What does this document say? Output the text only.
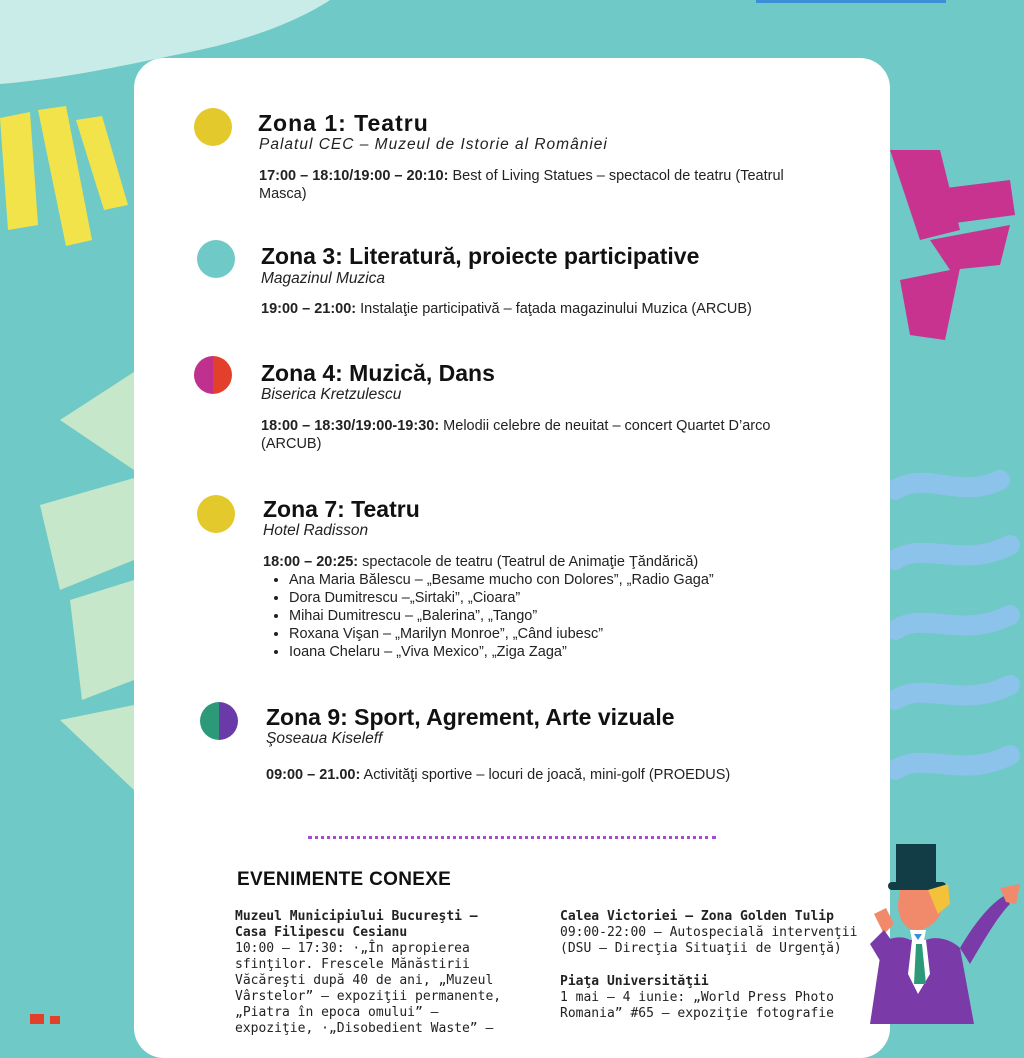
Zona 1: Teatru
Palatul CEC – Muzeul de Istorie al României
17:00 – 18:10/19:00 – 20:10: Best of Living Statues – spectacol de teatru (Teatrul Masca)
Zona 3: Literatură, proiecte participative
Magazinul Muzica
19:00 – 21:00: Instalaţie participativă – faţada magazinului Muzica (ARCUB)
Zona 4: Muzică, Dans
Biserica Kretzulescu
18:00 – 18:30/19:00-19:30: Melodii celebre de neuitat – concert Quartet D’arco (ARCUB)
Zona 7: Teatru
Hotel Radisson
18:00 – 20:25: spectacole de teatru (Teatrul de Animaţie Ţăndărică)
• Ana Maria Bălescu – „Besame mucho con Dolores”, „Radio Gaga”
• Dora Dumitrescu –„Sirtaki”, „Cioara”
• Mihai Dumitrescu – „Balerina”, „Tango”
• Roxana Vişan – „Marilyn Monroe”, „Când iubesc”
• Ioana Chelaru – „Viva Mexico”, „Ziga Zaga”
Zona 9: Sport, Agrement, Arte vizuale
Şoseaua Kiseleff
09:00 – 21.00: Activităţi sportive – locuri de joacă, mini-golf (PROEDUS)
EVENIMENTE CONEXE
Muzeul Municipiului Bucureşti – Casa Filipescu Cesianu
10:00 – 17:30: ·„În apropierea sfinţilor. Frescele Mănăstirii Văcăreşti după 40 de ani, „Muzeul Vârstelor” – expoziţii permanente, „Piatra în epoca omului” – expoziţie, ·„Disobedient Waste” –
Calea Victoriei – Zona Golden Tulip
09:00-22:00 – Autospecială intervenţii (DSU – Direcţia Situaţii de Urgenţă)
Piaţa Universităţii
1 mai – 4 iunie: „World Press Photo Romania” #65 – expoziţie fotografie
